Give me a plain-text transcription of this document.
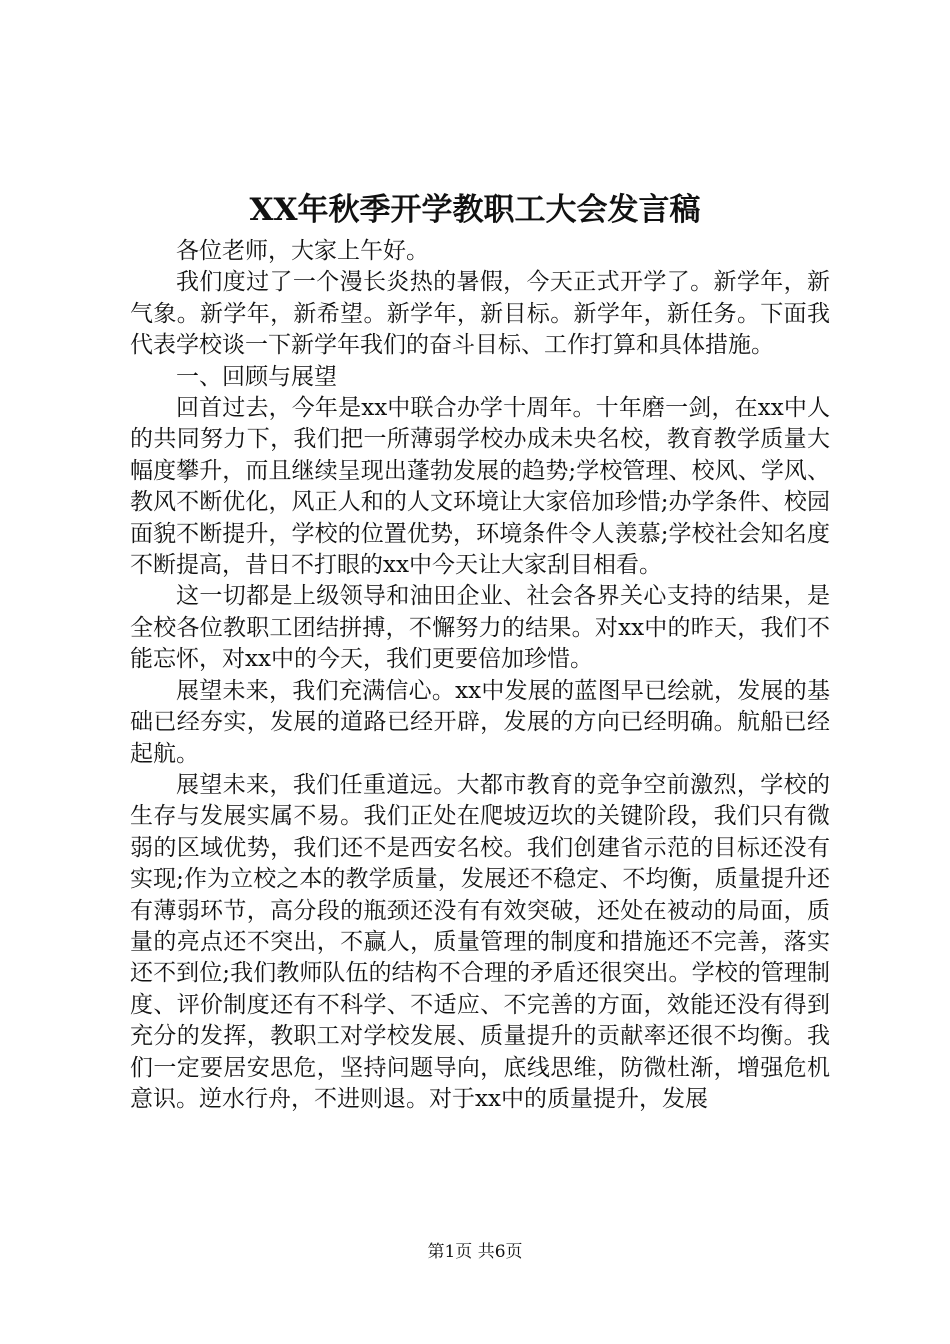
XX年秋季开学教职工大会发言稿

各位老师，大家上午好。

我们度过了一个漫长炎热的暑假，今天正式开学了。新学年，新气象。新学年，新希望。新学年，新目标。新学年，新任务。下面我代表学校谈一下新学年我们的奋斗目标、工作打算和具体措施。

一、回顾与展望

回首过去，今年是xx中联合办学十周年。十年磨一剑，在xx中人的共同努力下，我们把一所薄弱学校办成未央名校，教育教学质量大幅度攀升，而且继续呈现出蓬勃发展的趋势;学校管理、校风、学风、教风不断优化，风正人和的人文环境让大家倍加珍惜;办学条件、校园面貌不断提升，学校的位置优势，环境条件令人羡慕;学校社会知名度不断提高，昔日不打眼的xx中今天让大家刮目相看。

这一切都是上级领导和油田企业、社会各界关心支持的结果，是全校各位教职工团结拼搏，不懈努力的结果。对xx中的昨天，我们不能忘怀，对xx中的今天，我们更要倍加珍惜。

展望未来，我们充满信心。xx中发展的蓝图早已绘就，发展的基础已经夯实，发展的道路已经开辟，发展的方向已经明确。航船已经起航。

展望未来，我们任重道远。大都市教育的竞争空前激烈，学校的生存与发展实属不易。我们正处在爬坡迈坎的关键阶段，我们只有微弱的区域优势，我们还不是西安名校。我们创建省示范的目标还没有实现;作为立校之本的教学质量，发展还不稳定、不均衡，质量提升还有薄弱环节，高分段的瓶颈还没有有效突破，还处在被动的局面，质量的亮点还不突出，不赢人，质量管理的制度和措施还不完善，落实还不到位;我们教师队伍的结构不合理的矛盾还很突出。学校的管理制度、评价制度还有不科学、不适应、不完善的方面，效能还没有得到充分的发挥，教职工对学校发展、质量提升的贡献率还很不均衡。我们一定要居安思危，坚持问题导向，底线思维，防微杜渐，增强危机意识。逆水行舟，不进则退。对于xx中的质量提升，发展

第1页 共6页
